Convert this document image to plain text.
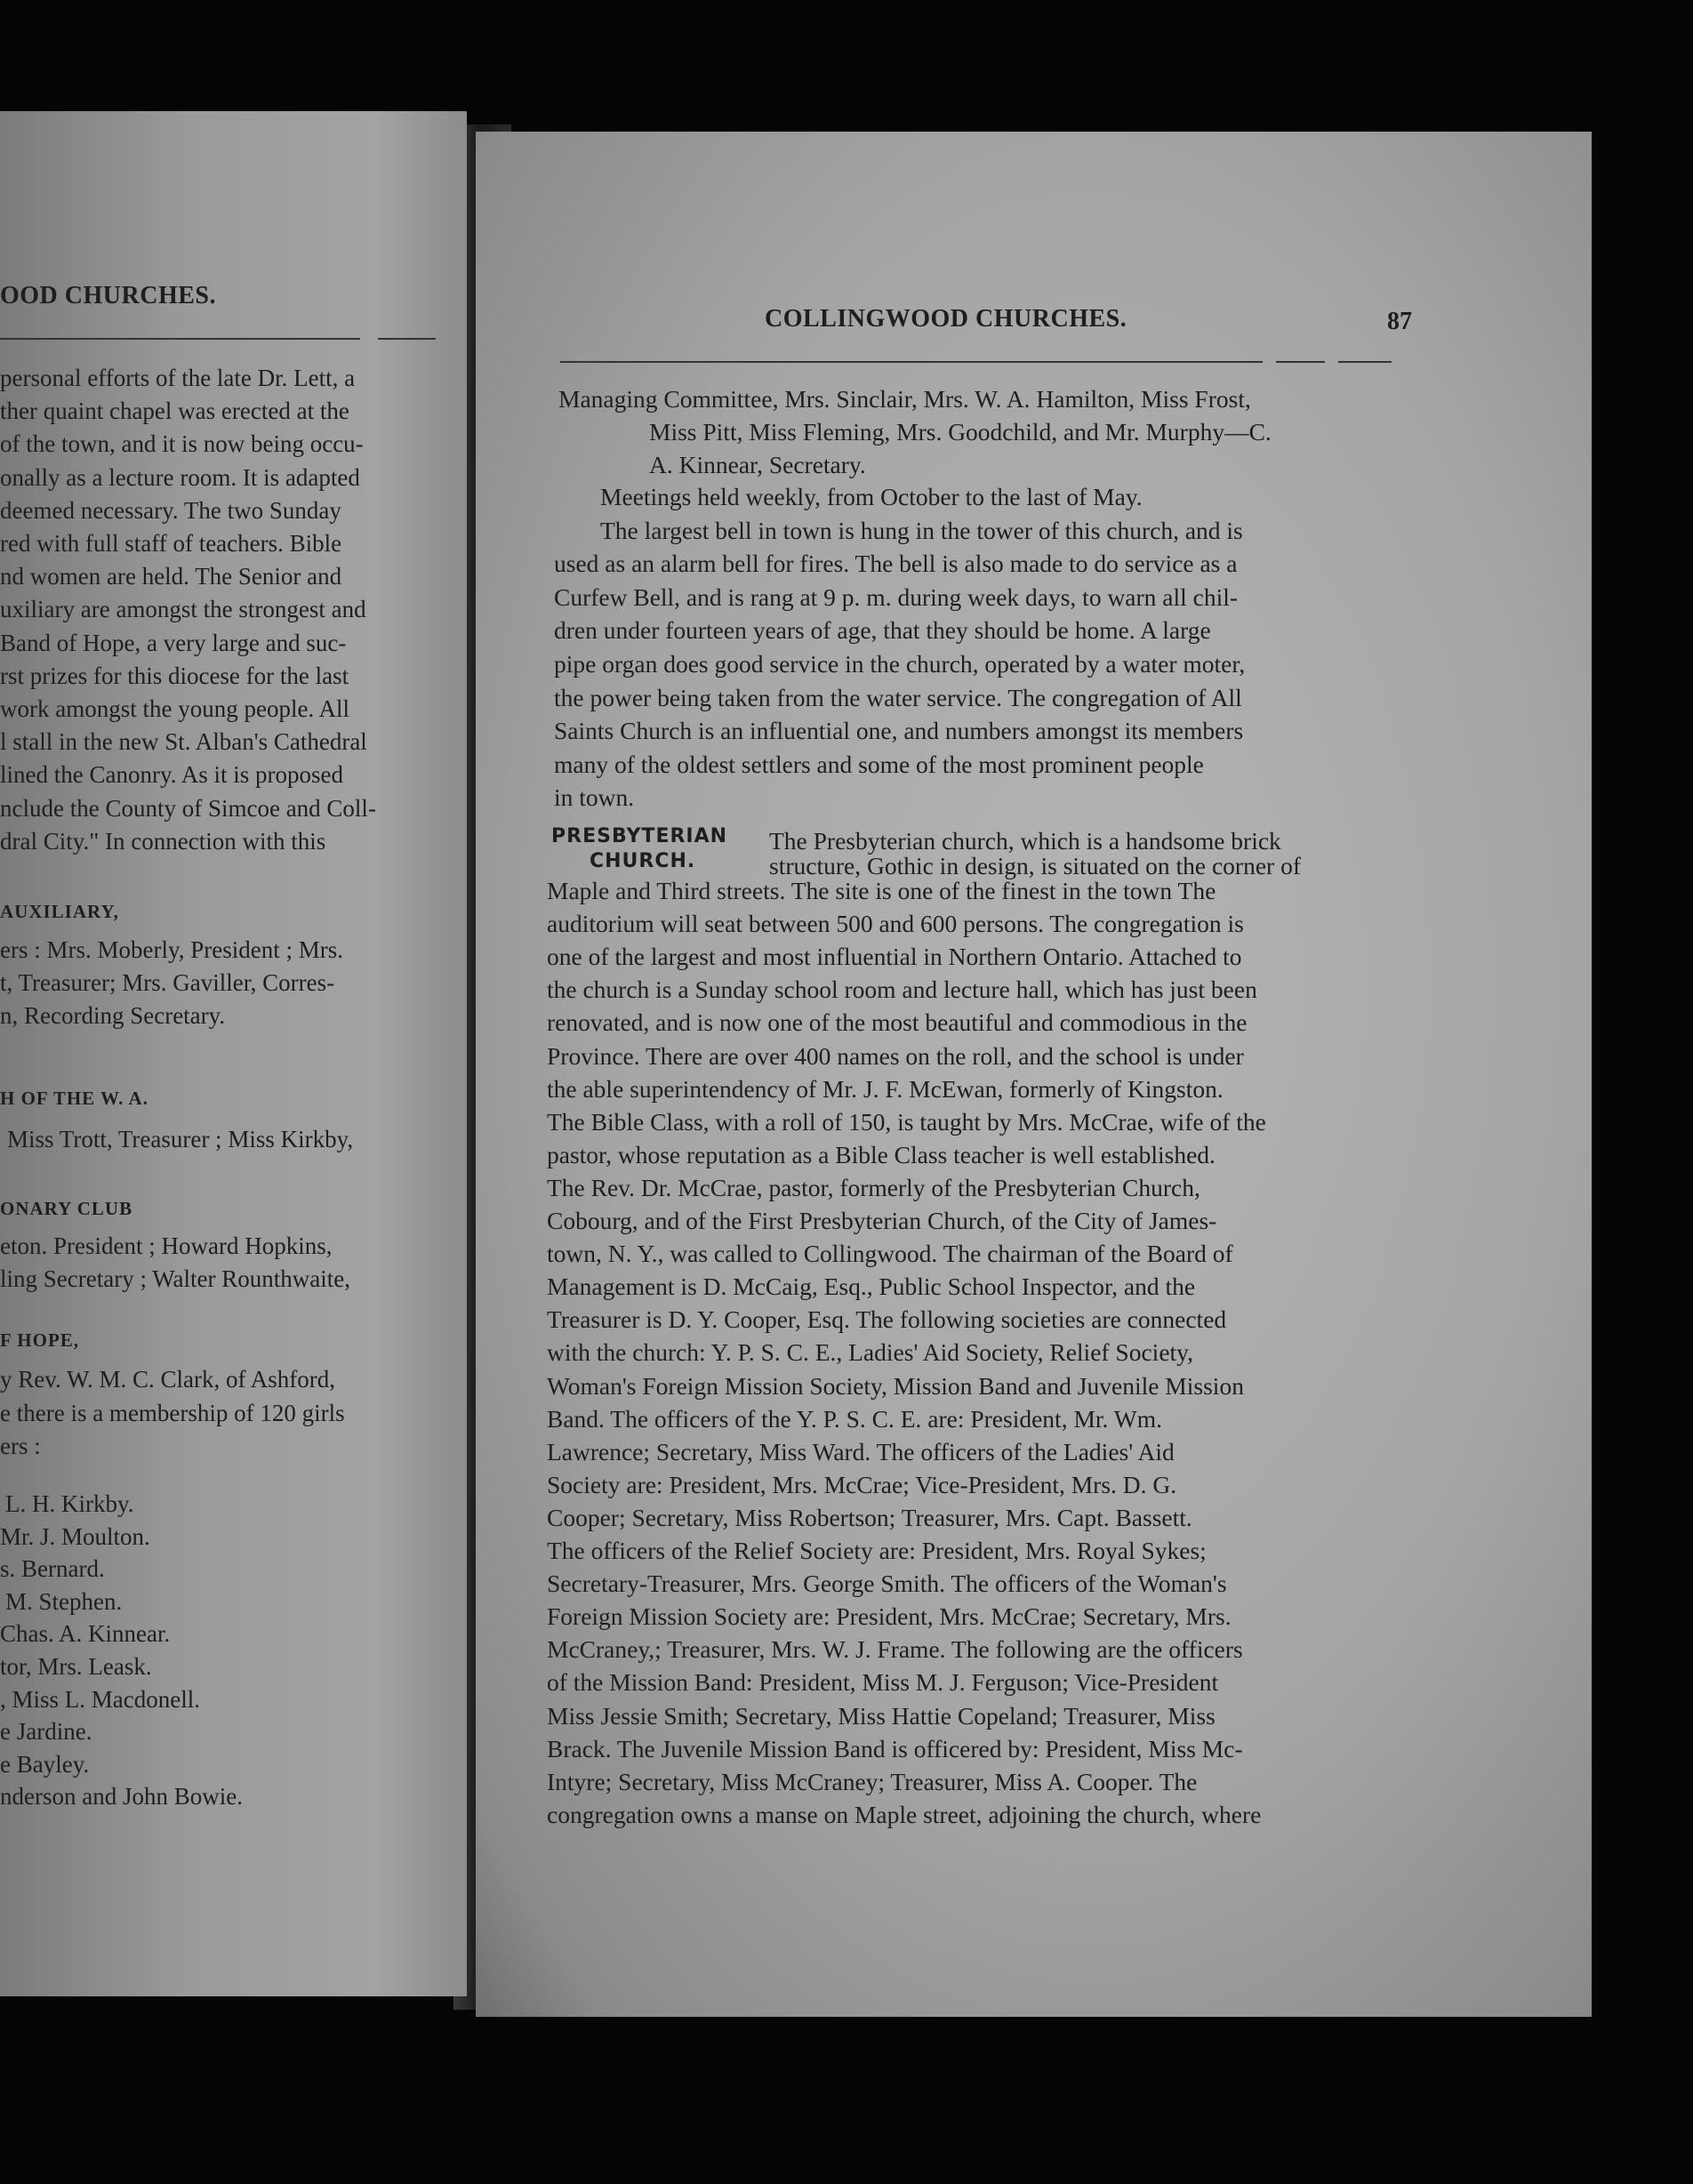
OOD CHURCHES.
personal efforts of the late Dr. Lett, a
ther quaint chapel was erected at the
of the town, and it is now being occu-
onally as a lecture room. It is adapted
deemed necessary. The two Sunday
red with full staff of teachers. Bible
nd women are held. The Senior and
uxiliary are amongst the strongest and
Band of Hope, a very large and suc-
rst prizes for this diocese for the last
work amongst the young people. All
l stall in the new St. Alban's Cathedral
lined the Canonry. As it is proposed
nclude the County of Simcoe and Coll-
dral City." In connection with this
AUXILIARY,
ers : Mrs. Moberly, President ; Mrs.
t, Treasurer; Mrs. Gaviller, Corres-
n, Recording Secretary.
H OF THE W. A.
Miss Trott, Treasurer ; Miss Kirkby,
ONARY CLUB
eton. President ; Howard Hopkins,
ling Secretary ; Walter Rounthwaite,
F HOPE,
y Rev. W. M. C. Clark, of Ashford,
e there is a membership of 120 girls
ers :
L. H. Kirkby.
Mr. J. Moulton.
s. Bernard.
M. Stephen.
Chas. A. Kinnear.
tor, Mrs. Leask.
, Miss L. Macdonell.
e Jardine.
e Bayley.
nderson and John Bowie.
COLLINGWOOD CHURCHES.	87
Managing Committee, Mrs. Sinclair, Mrs. W. A. Hamilton, Miss Frost,
Miss Pitt, Miss Fleming, Mrs. Goodchild, and Mr. Murphy—C.
A. Kinnear, Secretary.
Meetings held weekly, from October to the last of May.
The largest bell in town is hung in the tower of this church, and is
used as an alarm bell for fires. The bell is also made to do service as a
Curfew Bell, and is rang at 9 p. m. during week days, to warn all chil-
dren under fourteen years of age, that they should be home. A large
pipe organ does good service in the church, operated by a water moter,
the power being taken from the water service. The congregation of All
Saints Church is an influential one, and numbers amongst its members
many of the oldest settlers and some of the most prominent people
in town.
PRESBYTERIAN
CHURCH.
The Presbyterian church, which is a handsome brick
structure, Gothic in design, is situated on the corner of
Maple and Third streets. The site is one of the finest in the town The
auditorium will seat between 500 and 600 persons. The congregation is
one of the largest and most influential in Northern Ontario. Attached to
the church is a Sunday school room and lecture hall, which has just been
renovated, and is now one of the most beautiful and commodious in the
Province. There are over 400 names on the roll, and the school is under
the able superintendency of Mr. J. F. McEwan, formerly of Kingston.
The Bible Class, with a roll of 150, is taught by Mrs. McCrae, wife of the
pastor, whose reputation as a Bible Class teacher is well established.
The Rev. Dr. McCrae, pastor, formerly of the Presbyterian Church,
Cobourg, and of the First Presbyterian Church, of the City of James-
town, N. Y., was called to Collingwood. The chairman of the Board of
Management is D. McCaig, Esq., Public School Inspector, and the
Treasurer is D. Y. Cooper, Esq. The following societies are connected
with the church: Y. P. S. C. E., Ladies' Aid Society, Relief Society,
Woman's Foreign Mission Society, Mission Band and Juvenile Mission
Band. The officers of the Y. P. S. C. E. are: President, Mr. Wm.
Lawrence; Secretary, Miss Ward. The officers of the Ladies' Aid
Society are: President, Mrs. McCrae; Vice-President, Mrs. D. G.
Cooper; Secretary, Miss Robertson; Treasurer, Mrs. Capt. Bassett.
The officers of the Relief Society are: President, Mrs. Royal Sykes;
Secretary-Treasurer, Mrs. George Smith. The officers of the Woman's
Foreign Mission Society are: President, Mrs. McCrae; Secretary, Mrs.
McCraney,; Treasurer, Mrs. W. J. Frame. The following are the officers
of the Mission Band: President, Miss M. J. Ferguson; Vice-President
Miss Jessie Smith; Secretary, Miss Hattie Copeland; Treasurer, Miss
Brack. The Juvenile Mission Band is officered by: President, Miss Mc-
Intyre; Secretary, Miss McCraney; Treasurer, Miss A. Cooper. The
congregation owns a manse on Maple street, adjoining the church, where
